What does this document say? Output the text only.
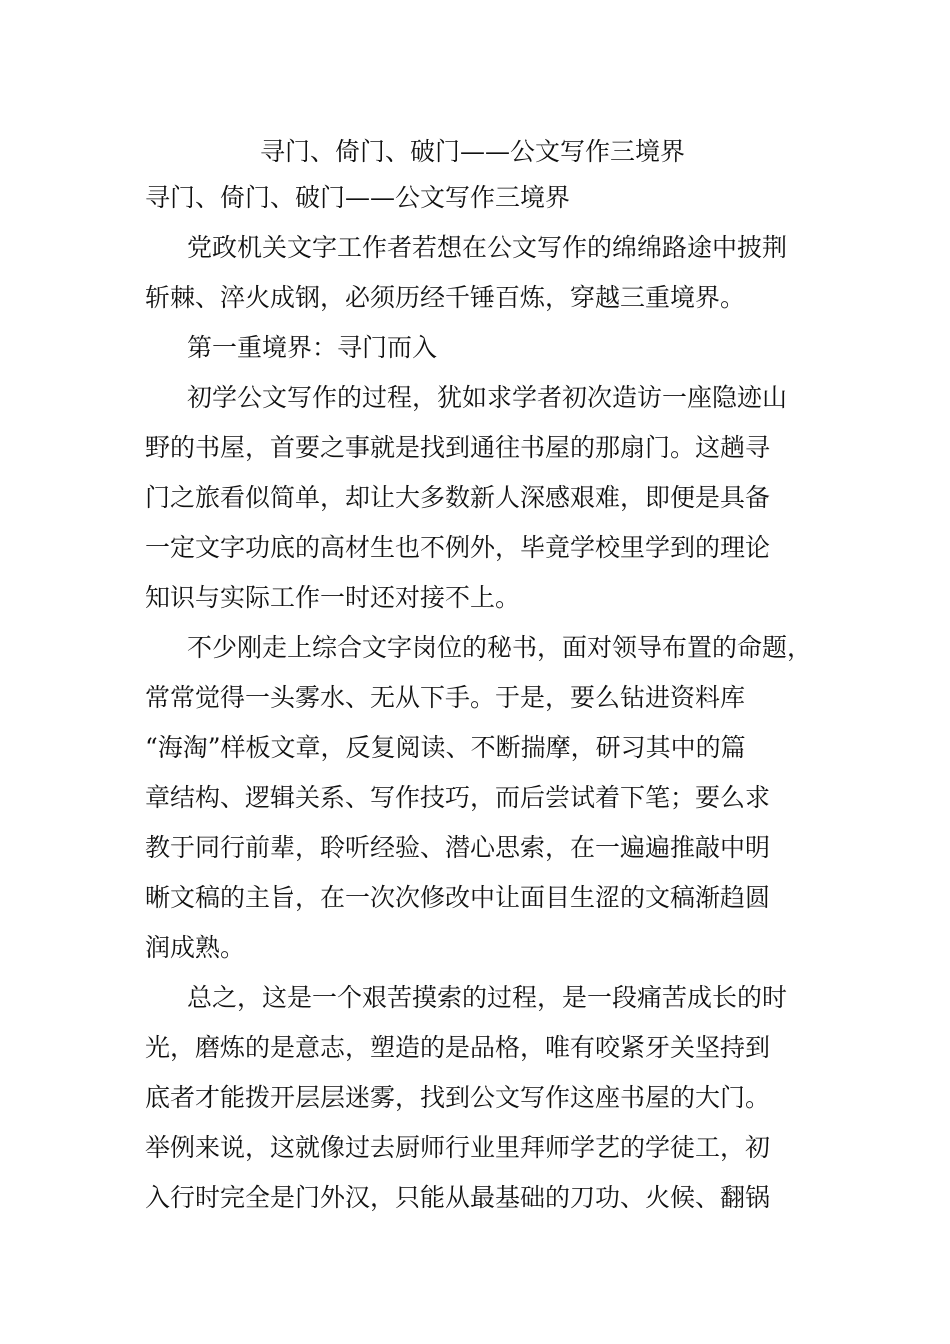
寻门、倚门、破门——公文写作三境界
寻门、倚门、破门——公文写作三境界
党政机关文字工作者若想在公文写作的绵绵路途中披荆
斩棘、淬火成钢，必须历经千锤百炼，穿越三重境界。
第一重境界：寻门而入
初学公文写作的过程，犹如求学者初次造访一座隐迹山
野的书屋，首要之事就是找到通往书屋的那扇门。这趟寻
门之旅看似简单，却让大多数新人深感艰难，即便是具备
一定文字功底的高材生也不例外，毕竟学校里学到的理论
知识与实际工作一时还对接不上。
不少刚走上综合文字岗位的秘书，面对领导布置的命题，
常常觉得一头雾水、无从下手。于是，要么钻进资料库
“海淘”样板文章，反复阅读、不断揣摩，研习其中的篇
章结构、逻辑关系、写作技巧，而后尝试着下笔；要么求
教于同行前辈，聆听经验、潜心思索，在一遍遍推敲中明
晰文稿的主旨，在一次次修改中让面目生涩的文稿渐趋圆
润成熟。
总之，这是一个艰苦摸索的过程，是一段痛苦成长的时
光，磨炼的是意志，塑造的是品格，唯有咬紧牙关坚持到
底者才能拨开层层迷雾，找到公文写作这座书屋的大门。
举例来说，这就像过去厨师行业里拜师学艺的学徒工，初
入行时完全是门外汉，只能从最基础的刀功、火候、翻锅
